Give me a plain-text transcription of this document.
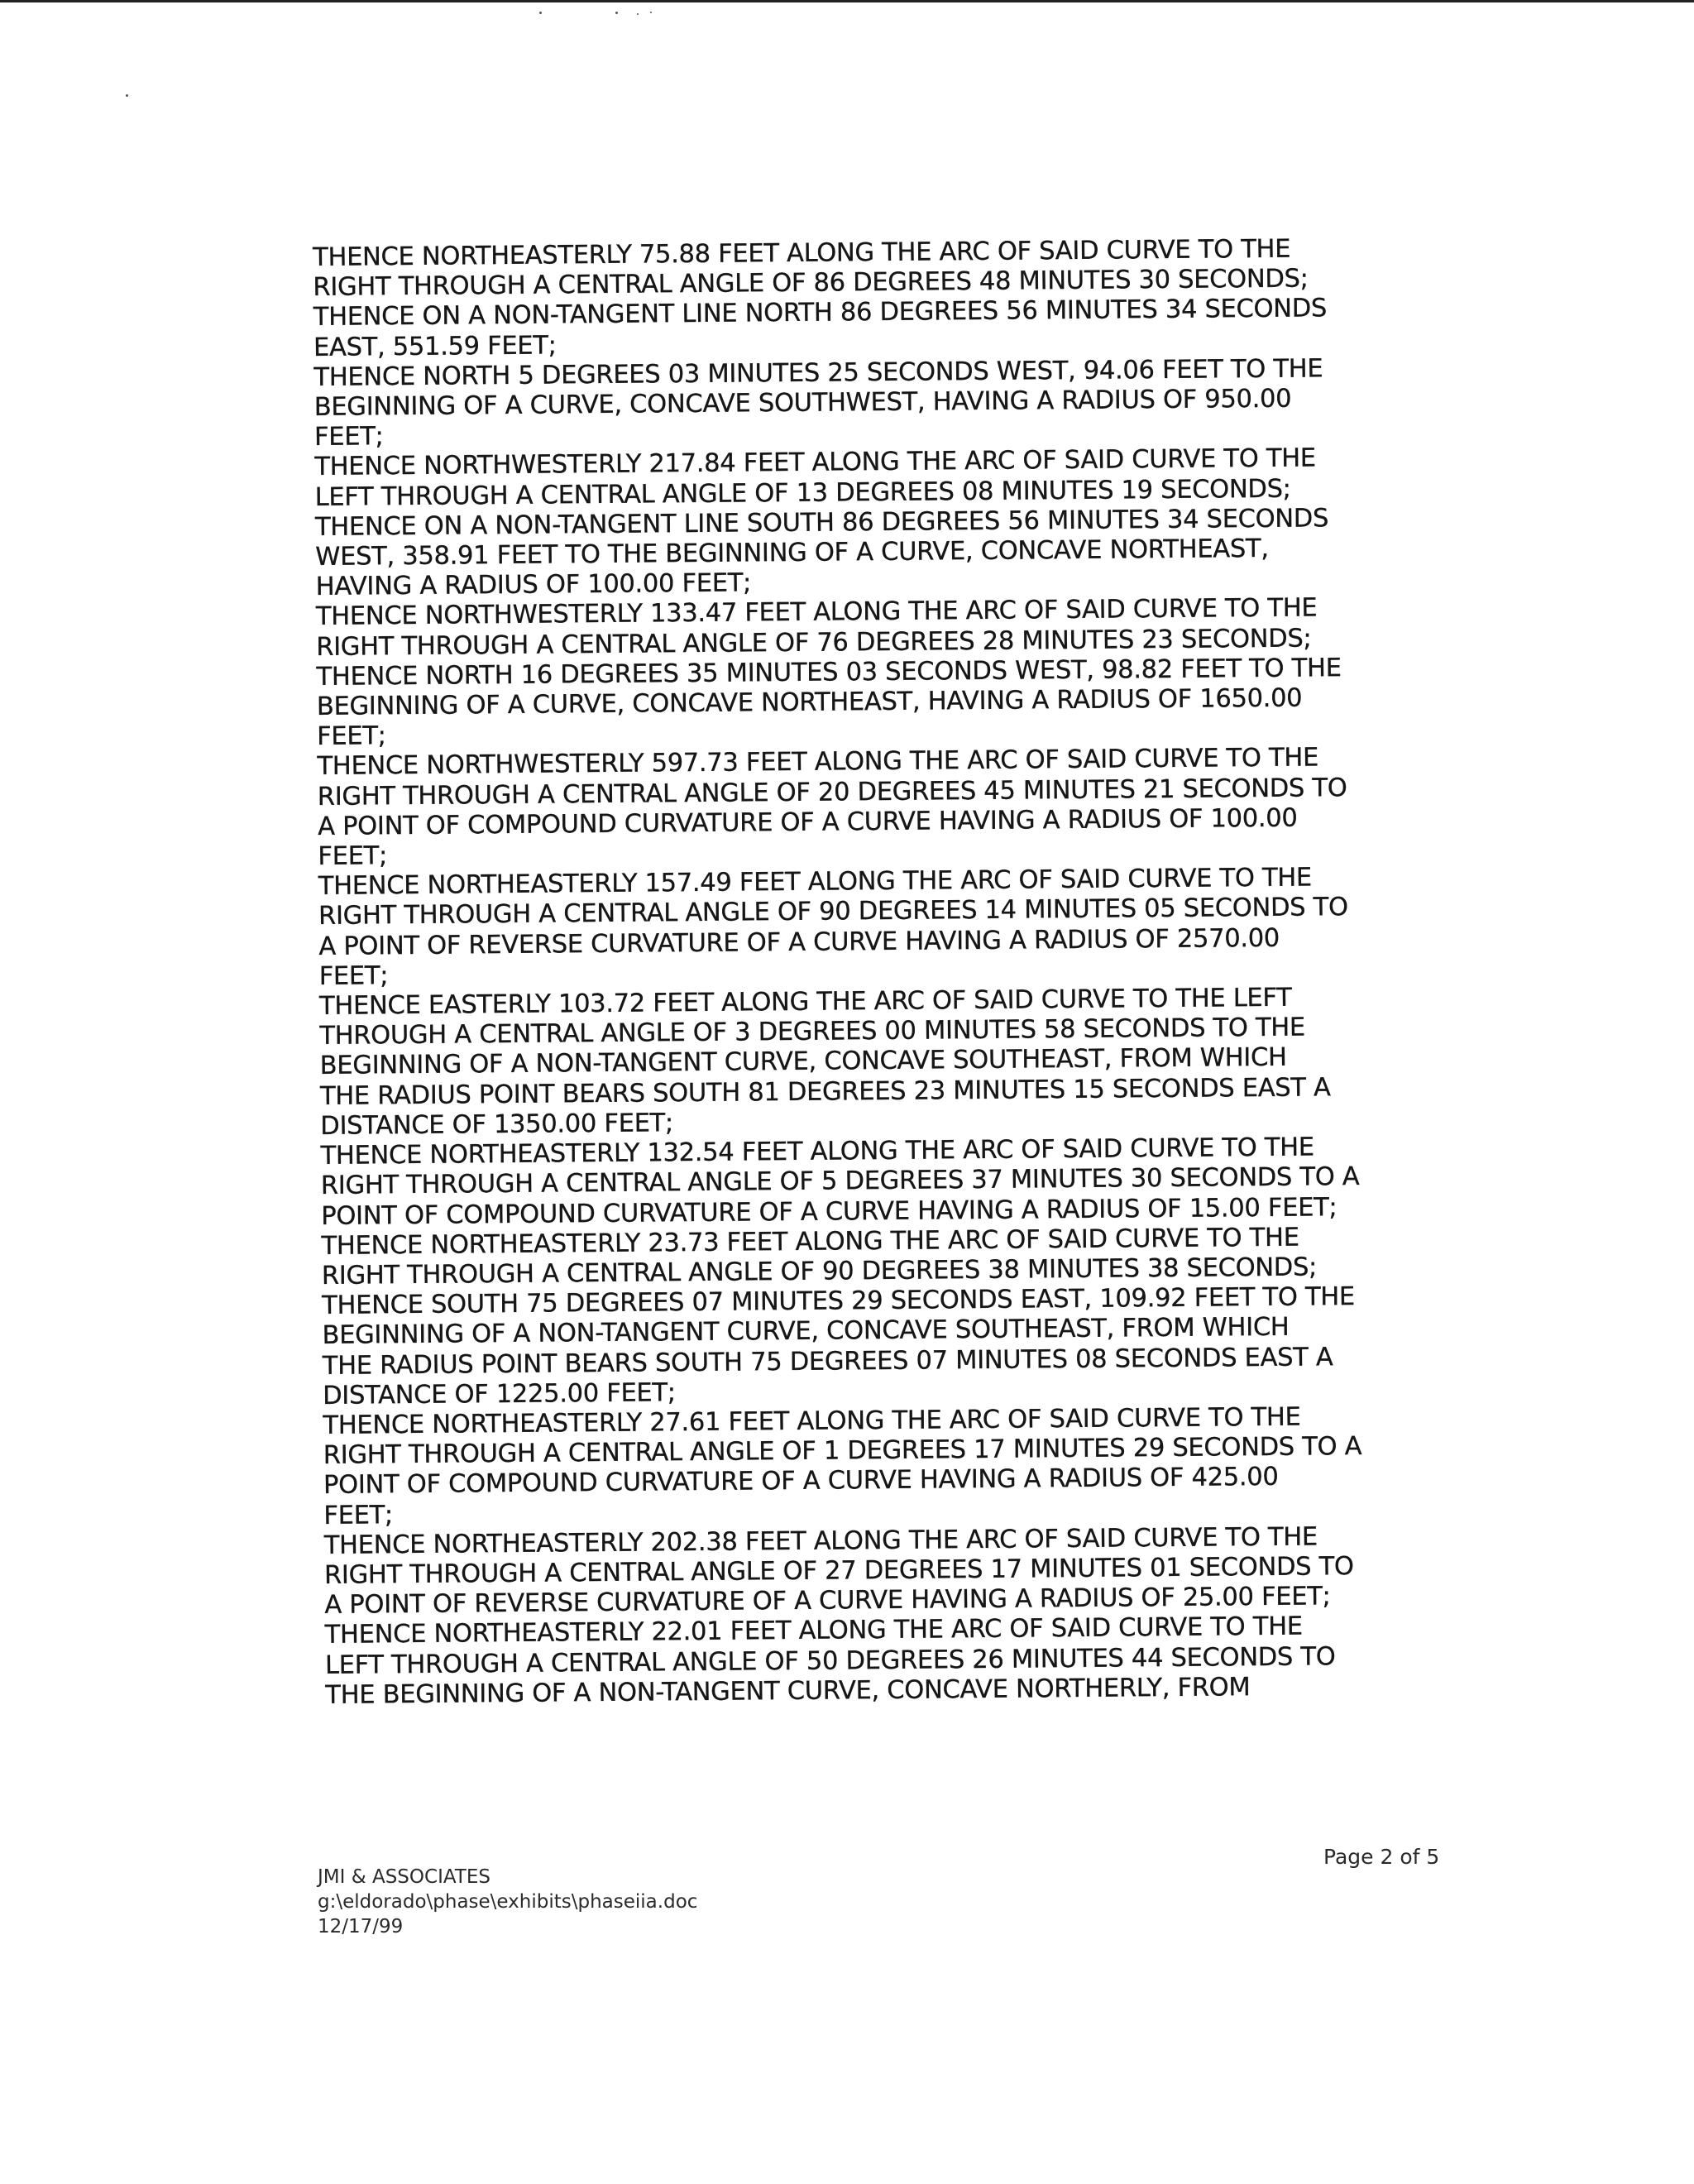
THENCE NORTHEASTERLY 75.88 FEET ALONG THE ARC OF SAID CURVE TO THE
RIGHT THROUGH A CENTRAL ANGLE OF 86 DEGREES 48 MINUTES 30 SECONDS;
THENCE ON A NON-TANGENT LINE NORTH 86 DEGREES 56 MINUTES 34 SECONDS
EAST, 551.59 FEET;
THENCE NORTH 5 DEGREES 03 MINUTES 25 SECONDS WEST, 94.06 FEET TO THE
BEGINNING OF A CURVE, CONCAVE SOUTHWEST, HAVING A RADIUS OF 950.00
FEET;
THENCE NORTHWESTERLY 217.84 FEET ALONG THE ARC OF SAID CURVE TO THE
LEFT THROUGH A CENTRAL ANGLE OF 13 DEGREES 08 MINUTES 19 SECONDS;
THENCE ON A NON-TANGENT LINE SOUTH 86 DEGREES 56 MINUTES 34 SECONDS
WEST, 358.91 FEET TO THE BEGINNING OF A CURVE, CONCAVE NORTHEAST,
HAVING A RADIUS OF 100.00 FEET;
THENCE NORTHWESTERLY 133.47 FEET ALONG THE ARC OF SAID CURVE TO THE
RIGHT THROUGH A CENTRAL ANGLE OF 76 DEGREES 28 MINUTES 23 SECONDS;
THENCE NORTH 16 DEGREES 35 MINUTES 03 SECONDS WEST, 98.82 FEET TO THE
BEGINNING OF A CURVE, CONCAVE NORTHEAST, HAVING A RADIUS OF 1650.00
FEET;
THENCE NORTHWESTERLY 597.73 FEET ALONG THE ARC OF SAID CURVE TO THE
RIGHT THROUGH A CENTRAL ANGLE OF 20 DEGREES 45 MINUTES 21 SECONDS TO
A POINT OF COMPOUND CURVATURE OF A CURVE HAVING A RADIUS OF 100.00
FEET;
THENCE NORTHEASTERLY 157.49 FEET ALONG THE ARC OF SAID CURVE TO THE
RIGHT THROUGH A CENTRAL ANGLE OF 90 DEGREES 14 MINUTES 05 SECONDS TO
A POINT OF REVERSE CURVATURE OF A CURVE HAVING A RADIUS OF 2570.00
FEET;
THENCE EASTERLY 103.72 FEET ALONG THE ARC OF SAID CURVE TO THE LEFT
THROUGH A CENTRAL ANGLE OF 3 DEGREES 00 MINUTES 58 SECONDS TO THE
BEGINNING OF A NON-TANGENT CURVE, CONCAVE SOUTHEAST, FROM WHICH
THE RADIUS POINT BEARS SOUTH 81 DEGREES 23 MINUTES 15 SECONDS EAST A
DISTANCE OF 1350.00 FEET;
THENCE NORTHEASTERLY 132.54 FEET ALONG THE ARC OF SAID CURVE TO THE
RIGHT THROUGH A CENTRAL ANGLE OF 5 DEGREES 37 MINUTES 30 SECONDS TO A
POINT OF COMPOUND CURVATURE OF A CURVE HAVING A RADIUS OF 15.00 FEET;
THENCE NORTHEASTERLY 23.73 FEET ALONG THE ARC OF SAID CURVE TO THE
RIGHT THROUGH A CENTRAL ANGLE OF 90 DEGREES 38 MINUTES 38 SECONDS;
THENCE SOUTH 75 DEGREES 07 MINUTES 29 SECONDS EAST, 109.92 FEET TO THE
BEGINNING OF A NON-TANGENT CURVE, CONCAVE SOUTHEAST, FROM WHICH
THE RADIUS POINT BEARS SOUTH 75 DEGREES 07 MINUTES 08 SECONDS EAST A
DISTANCE OF 1225.00 FEET;
THENCE NORTHEASTERLY 27.61 FEET ALONG THE ARC OF SAID CURVE TO THE
RIGHT THROUGH A CENTRAL ANGLE OF 1 DEGREES 17 MINUTES 29 SECONDS TO A
POINT OF COMPOUND CURVATURE OF A CURVE HAVING A RADIUS OF 425.00
FEET;
THENCE NORTHEASTERLY 202.38 FEET ALONG THE ARC OF SAID CURVE TO THE
RIGHT THROUGH A CENTRAL ANGLE OF 27 DEGREES 17 MINUTES 01 SECONDS TO
A POINT OF REVERSE CURVATURE OF A CURVE HAVING A RADIUS OF 25.00 FEET;
THENCE NORTHEASTERLY 22.01 FEET ALONG THE ARC OF SAID CURVE TO THE
LEFT THROUGH A CENTRAL ANGLE OF 50 DEGREES 26 MINUTES 44 SECONDS TO
THE BEGINNING OF A NON-TANGENT CURVE, CONCAVE NORTHERLY, FROM
Page 2 of 5
JMI & ASSOCIATES
g:\eldorado\phase\exhibits\phaseiia.doc
12/17/99
